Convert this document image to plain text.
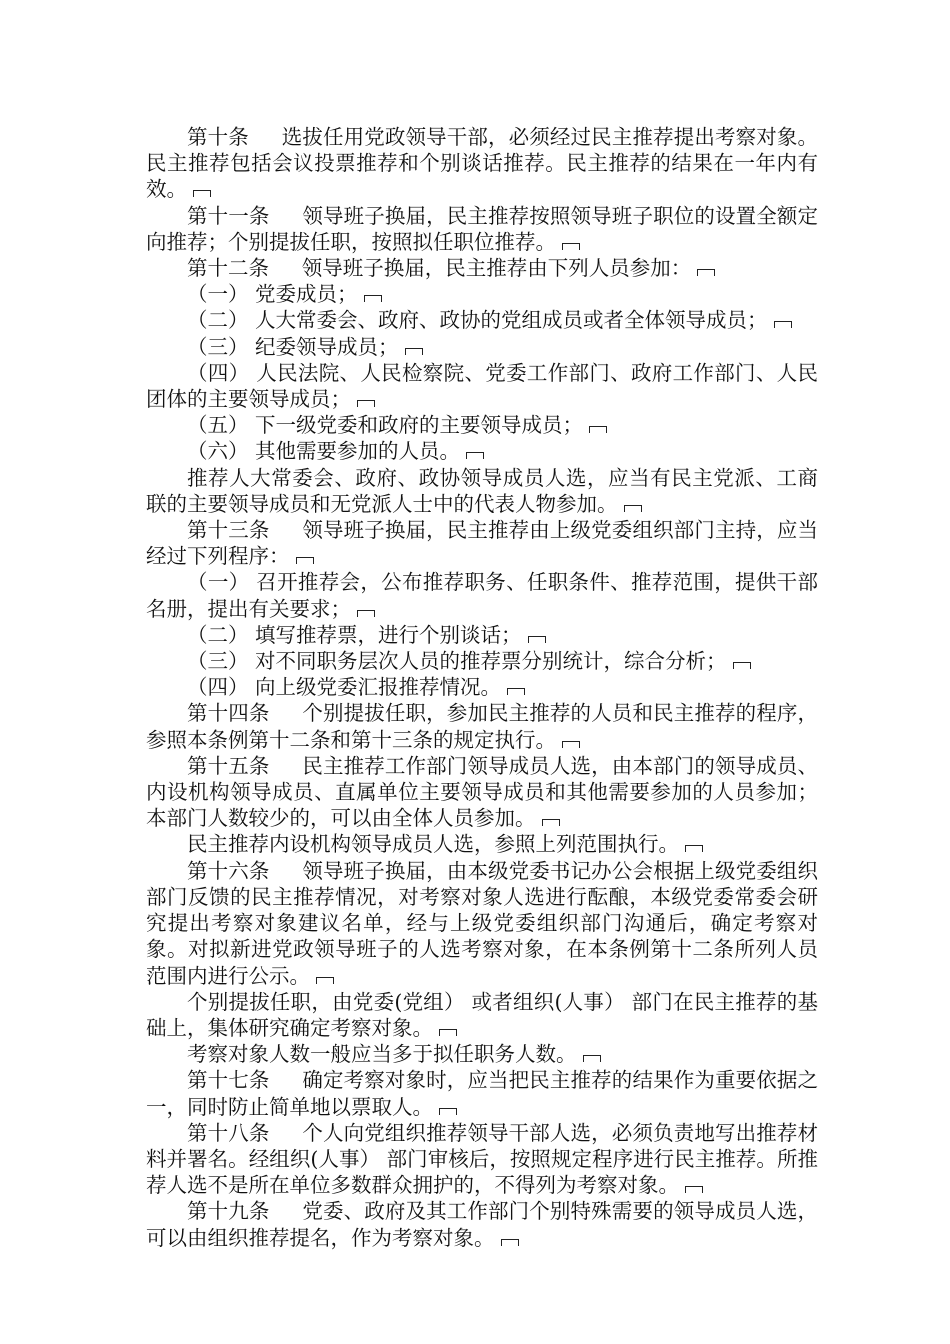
第十条 选拔任用党政领导干部，必须经过民主推荐提出考察对象。民主推荐包括会议投票推荐和个别谈话推荐。民主推荐的结果在一年内有效。

第十一条 领导班子换届，民主推荐按照领导班子职位的设置全额定向推荐；个别提拔任职，按照拟任职位推荐。

第十二条 领导班子换届，民主推荐由下列人员参加：

（一） 党委成员；

（二） 人大常委会、政府、政协的党组成员或者全体领导成员；

（三） 纪委领导成员；

（四） 人民法院、人民检察院、党委工作部门、政府工作部门、人民团体的主要领导成员；

（五） 下一级党委和政府的主要领导成员；

（六） 其他需要参加的人员。

推荐人大常委会、政府、政协领导成员人选，应当有民主党派、工商联的主要领导成员和无党派人士中的代表人物参加。

第十三条 领导班子换届，民主推荐由上级党委组织部门主持，应当经过下列程序：

（一） 召开推荐会，公布推荐职务、任职条件、推荐范围，提供干部名册，提出有关要求；

（二） 填写推荐票，进行个别谈话；

（三） 对不同职务层次人员的推荐票分别统计，综合分析；

（四） 向上级党委汇报推荐情况。

第十四条 个别提拔任职，参加民主推荐的人员和民主推荐的程序，参照本条例第十二条和第十三条的规定执行。

第十五条 民主推荐工作部门领导成员人选，由本部门的领导成员、内设机构领导成员、直属单位主要领导成员和其他需要参加的人员参加；本部门人数较少的，可以由全体人员参加。

民主推荐内设机构领导成员人选，参照上列范围执行。

第十六条 领导班子换届，由本级党委书记办公会根据上级党委组织部门反馈的民主推荐情况，对考察对象人选进行酝酿，本级党委常委会研究提出考察对象建议名单，经与上级党委组织部门沟通后，确定考察对象。对拟新进党政领导班子的人选考察对象，在本条例第十二条所列人员范围内进行公示。

个别提拔任职，由党委(党组） 或者组织(人事） 部门在民主推荐的基础上，集体研究确定考察对象。

考察对象人数一般应当多于拟任职务人数。

第十七条 确定考察对象时，应当把民主推荐的结果作为重要依据之一，同时防止简单地以票取人。

第十八条 个人向党组织推荐领导干部人选，必须负责地写出推荐材料并署名。经组织(人事） 部门审核后，按照规定程序进行民主推荐。所推荐人选不是所在单位多数群众拥护的，不得列为考察对象。

第十九条 党委、政府及其工作部门个别特殊需要的领导成员人选，可以由组织推荐提名，作为考察对象。
